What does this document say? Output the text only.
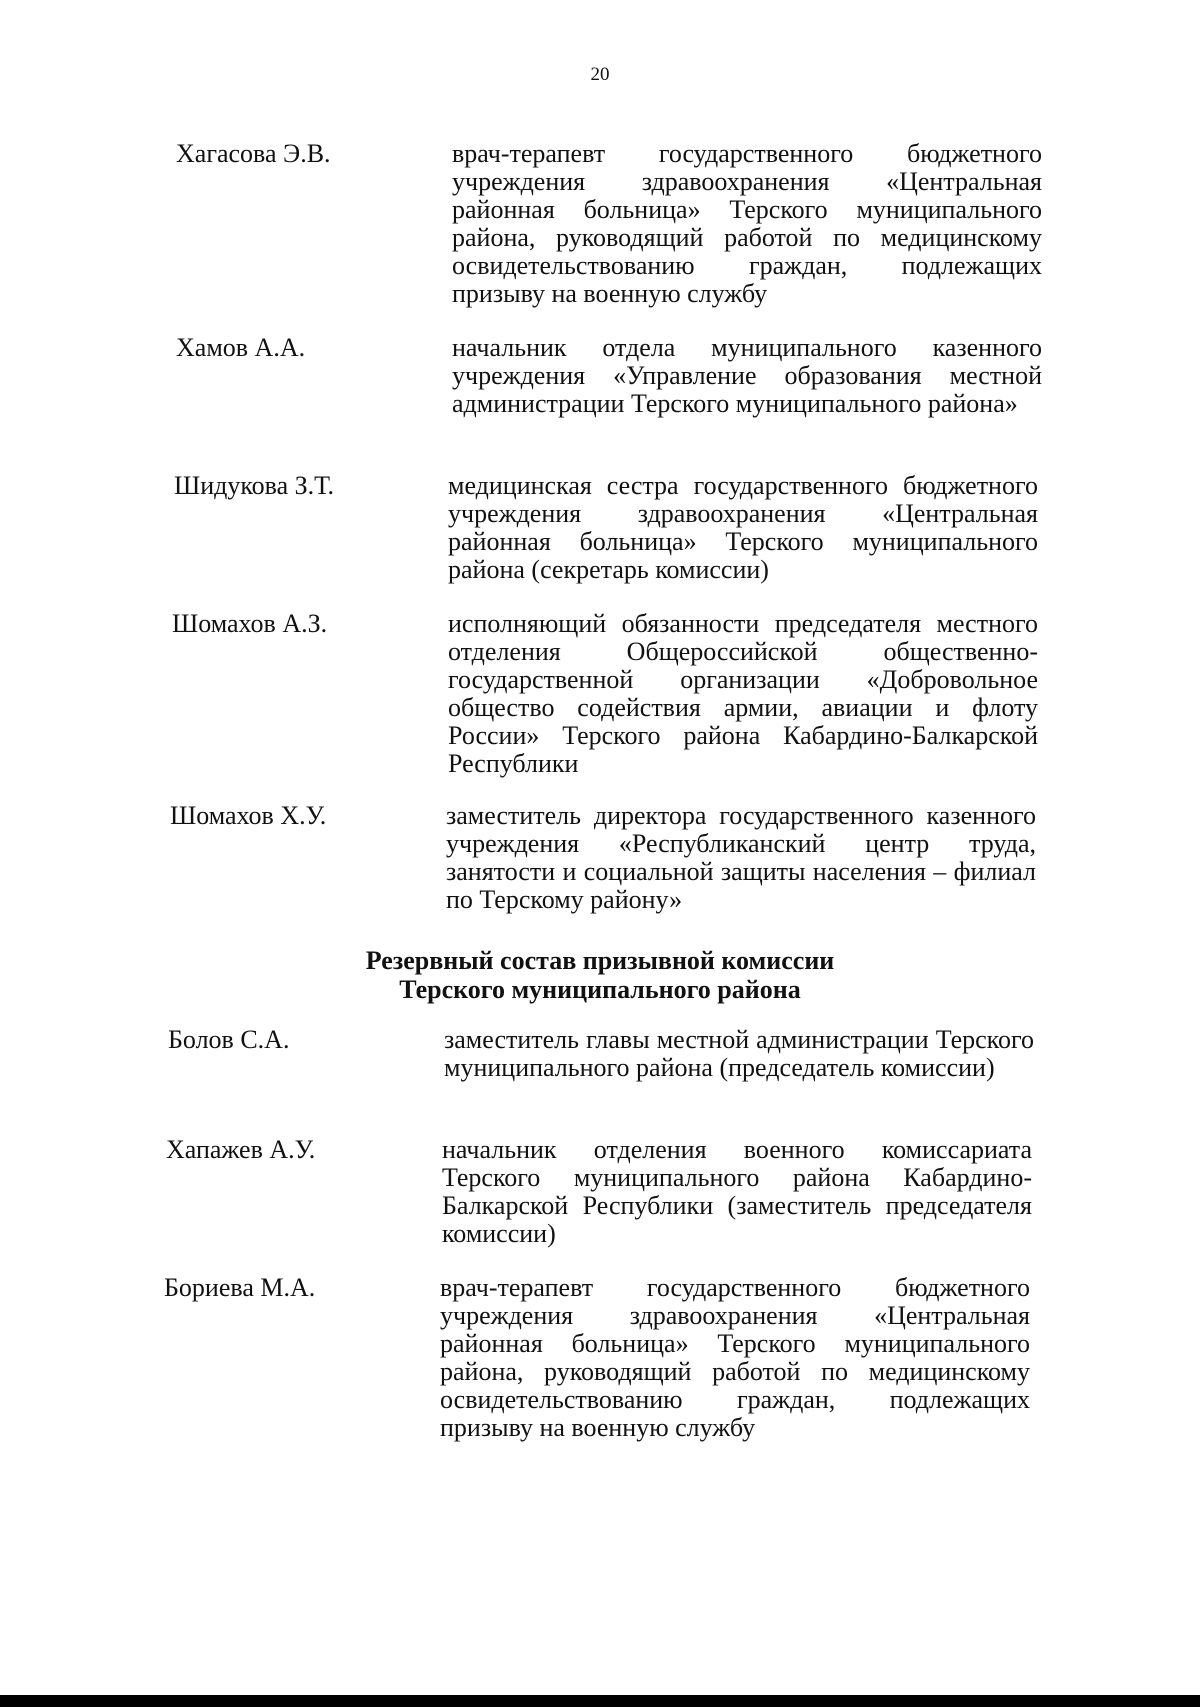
20
Хагасова Э.В.	врач-терапевт государственного бюджетного учреждения здравоохранения «Центральная районная больница» Терского муниципального района, руководящий работой по медицинскому освидетельствованию граждан, подлежащих призыву на военную службу
Хамов А.А.	начальник отдела муниципального казенного учреждения «Управление образования местной администрации Терского муниципального района»
Шидукова З.Т.	медицинская сестра государственного бюджетного учреждения здравоохранения «Центральная районная больница» Терского муниципального района (секретарь комиссии)
Шомахов А.З.	исполняющий обязанности председателя местного отделения Общероссийской общественно-государственной организации «Добровольное общество содействия армии, авиации и флоту России» Терского района Кабардино-Балкарской Республики
Шомахов Х.У.	заместитель директора государственного казенного учреждения «Республиканский центр труда, занятости и социальной защиты населения – филиал по Терскому району»
Резервный состав призывной комиссии
Терского муниципального района
Болов С.А.	заместитель главы местной администрации Терского муниципального района (председатель комиссии)
Хапажев А.У.	начальник отделения военного комиссариата Терского муниципального района Кабардино-Балкарской Республики (заместитель председателя комиссии)
Бориева М.А.	врач-терапевт государственного бюджетного учреждения здравоохранения «Центральная районная больница» Терского муниципального района, руководящий работой по медицинскому освидетельствованию граждан, подлежащих призыву на военную службу
